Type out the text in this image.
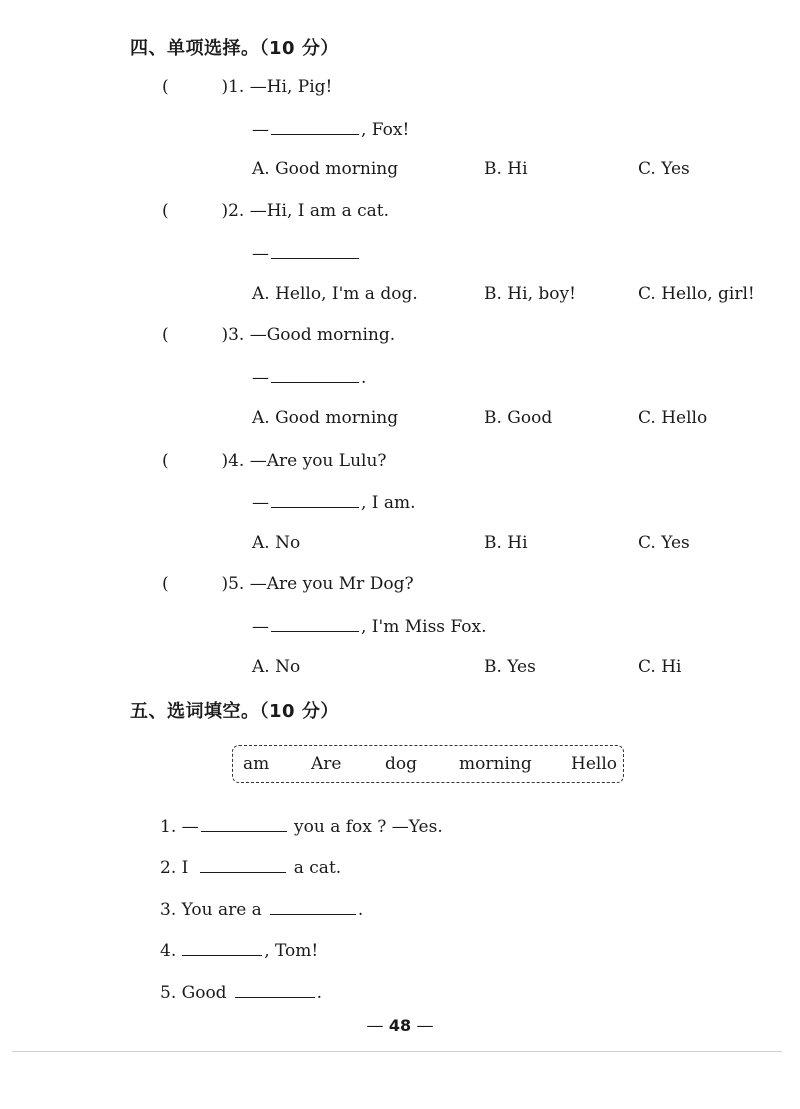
四、单项选择。（10 分）
(	)1. —Hi, Pig!
—	, Fox!
A. Good morning	B. Hi	C. Yes
(	)2. —Hi, I am a cat.
—
A. Hello, I'm a dog.	B. Hi, boy!	C. Hello, girl!
(	)3. —Good morning.
—	.
A. Good morning	B. Good	C. Hello
(	)4. —Are you Lulu?
—	, I am.
A. No	B. Hi	C. Yes
(	)5. —Are you Mr Dog?
—	, I'm Miss Fox.
A. No	B. Yes	C. Hi
五、选词填空。（10 分）
am Are	dog morning Hello
1. —	you a fox ? —Yes.
2. I	a cat.
3. You are a	.
4.	, Tom!
5. Good	.
— 48 —
